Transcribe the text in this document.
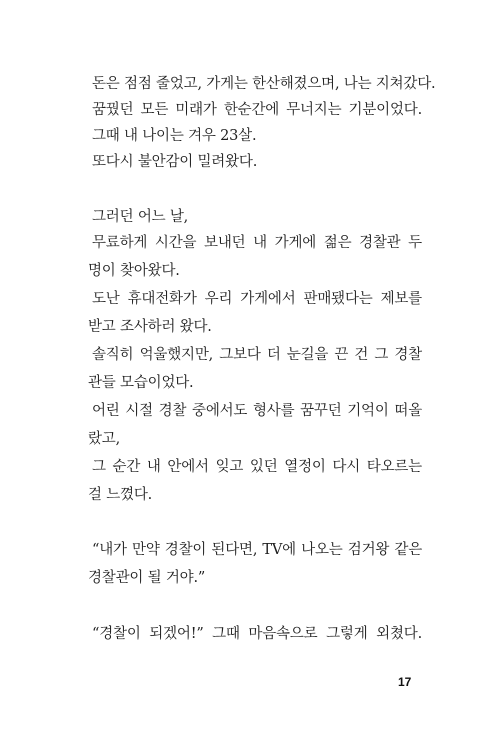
돈은 점점 줄었고, 가게는 한산해졌으며, 나는 지쳐갔다.
꿈꿨던 모든 미래가 한순간에 무너지는 기분이었다.
그때 내 나이는 겨우 23살.
또다시 불안감이 밀려왔다.
그러던 어느 날,
무료하게 시간을 보내던 내 가게에 젊은 경찰관 두
명이 찾아왔다.
도난 휴대전화가 우리 가게에서 판매됐다는 제보를
받고 조사하러 왔다.
솔직히 억울했지만, 그보다 더 눈길을 끈 건 그 경찰
관들 모습이었다.
어린 시절 경찰 중에서도 형사를 꿈꾸던 기억이 떠올
랐고,
그 순간 내 안에서 잊고 있던 열정이 다시 타오르는
걸 느꼈다.
“내가 만약 경찰이 된다면, TV에 나오는 검거왕 같은
경찰관이 될 거야.”
“경찰이 되겠어!” 그때 마음속으로 그렇게 외쳤다.
17
